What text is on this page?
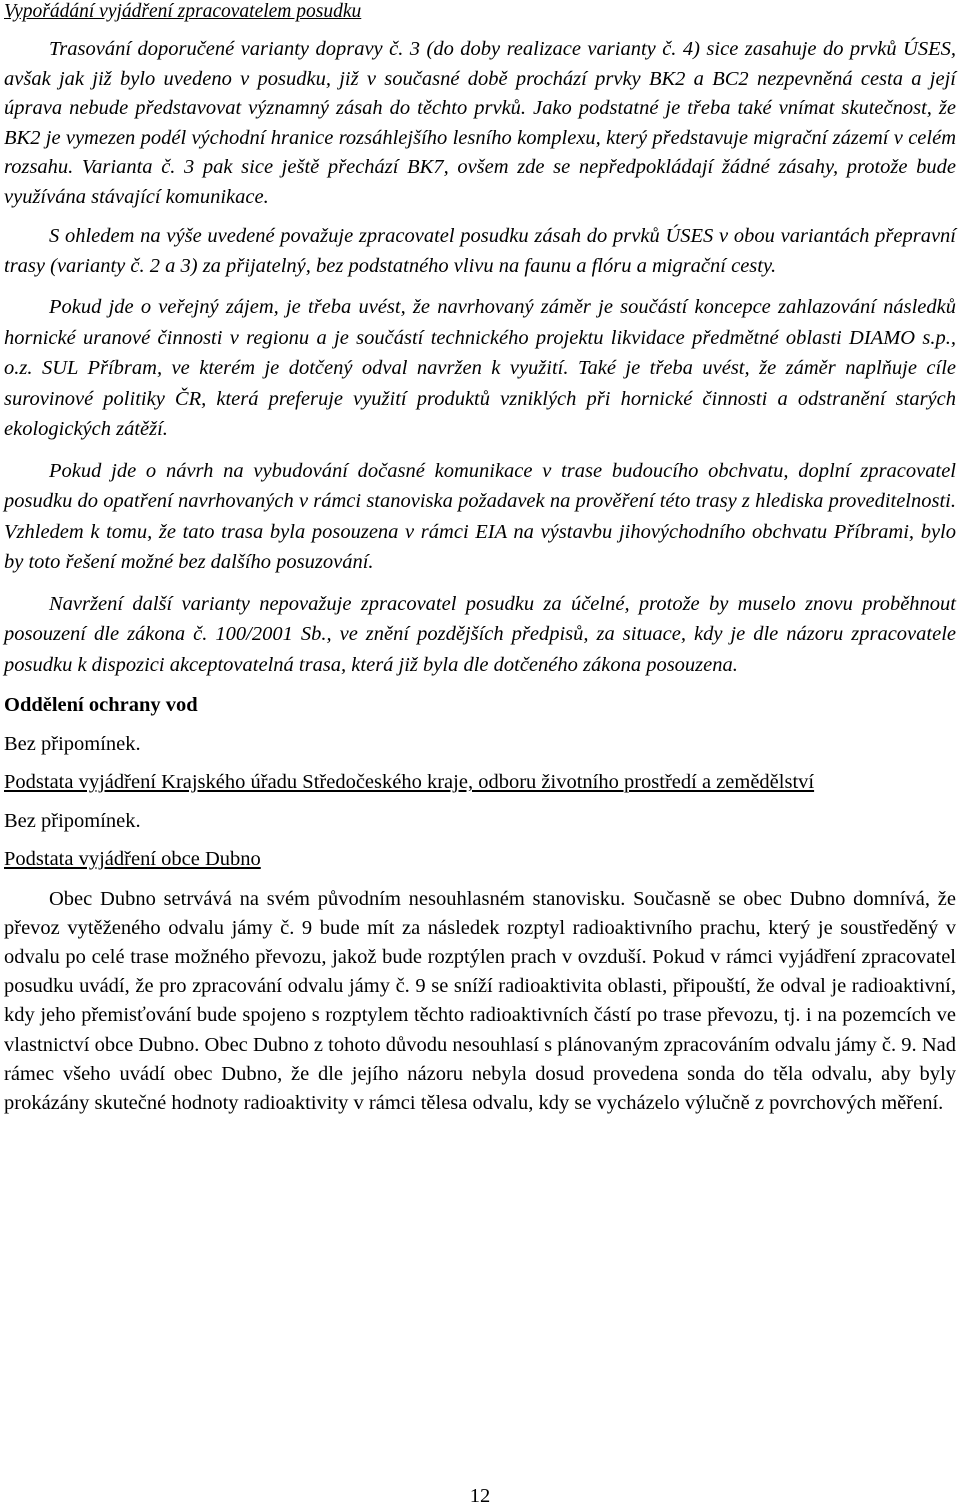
Vypořádání vyjádření zpracovatelem posudku

Trasování doporučené varianty dopravy č. 3 (do doby realizace varianty č. 4) sice zasahuje do prvků ÚSES, avšak jak již bylo uvedeno v posudku, již v současné době prochází prvky BK2 a BC2 nezpevněná cesta a její úprava nebude představovat významný zásah do těchto prvků. Jako podstatné je třeba také vnímat skutečnost, že BK2 je vymezen podél východní hranice rozsáhlejšího lesního komplexu, který představuje migrační zázemí v celém rozsahu. Varianta č. 3 pak sice ještě přechází BK7, ovšem zde se nepředpokládají žádné zásahy, protože bude využívána stávající komunikace.

S ohledem na výše uvedené považuje zpracovatel posudku zásah do prvků ÚSES v obou variantách přepravní trasy (varianty č. 2 a 3) za přijatelný, bez podstatného vlivu na faunu a flóru a migrační cesty.

Pokud jde o veřejný zájem, je třeba uvést, že navrhovaný záměr je součástí koncepce zahlazování následků hornické uranové činnosti v regionu a je součástí technického projektu likvidace předmětné oblasti DIAMO s.p., o.z. SUL Příbram, ve kterém je dotčený odval navržen k využití. Také je třeba uvést, že záměr naplňuje cíle surovinové politiky ČR, která preferuje využití produktů vzniklých při hornické činnosti a odstranění starých ekologických zátěží.

Pokud jde o návrh na vybudování dočasné komunikace v trase budoucího obchvatu, doplní zpracovatel posudku do opatření navrhovaných v rámci stanoviska požadavek na prověření této trasy z hlediska proveditelnosti. Vzhledem k tomu, že tato trasa byla posouzena v rámci EIA na výstavbu jihovýchodního obchvatu Příbrami, bylo by toto řešení možné bez dalšího posuzování.

Navržení další varianty nepovažuje zpracovatel posudku za účelné, protože by muselo znovu proběhnout posouzení dle zákona č. 100/2001 Sb., ve znění pozdějších předpisů, za situace, kdy je dle názoru zpracovatele posudku k dispozici akceptovatelná trasa, která již byla dle dotčeného zákona posouzena.

Oddělení ochrany vod

Bez připomínek.

Podstata vyjádření Krajského úřadu Středočeského kraje, odboru životního prostředí a zemědělství

Bez připomínek.

Podstata vyjádření obce Dubno

Obec Dubno setrvává na svém původním nesouhlasném stanovisku. Současně se obec Dubno domnívá, že převoz vytěženého odvalu jámy č. 9 bude mít za následek rozptyl radioaktivního prachu, který je soustředěný v odvalu po celé trase možného převozu, jakož bude rozptýlen prach v ovzduší. Pokud v rámci vyjádření zpracovatel posudku uvádí, že pro zpracování odvalu jámy č. 9 se sníží radioaktivita oblasti, připouští, že odval je radioaktivní, kdy jeho přemisťování bude spojeno s rozptylem těchto radioaktivních částí po trase převozu, tj. i na pozemcích ve vlastnictví obce Dubno. Obec Dubno z tohoto důvodu nesouhlasí s plánovaným zpracováním odvalu jámy č. 9. Nad rámec všeho uvádí obec Dubno, že dle jejího názoru nebyla dosud provedena sonda do těla odvalu, aby byly prokázány skutečné hodnoty radioaktivity v rámci tělesa odvalu, kdy se vycházelo výlučně z povrchových měření.

12
